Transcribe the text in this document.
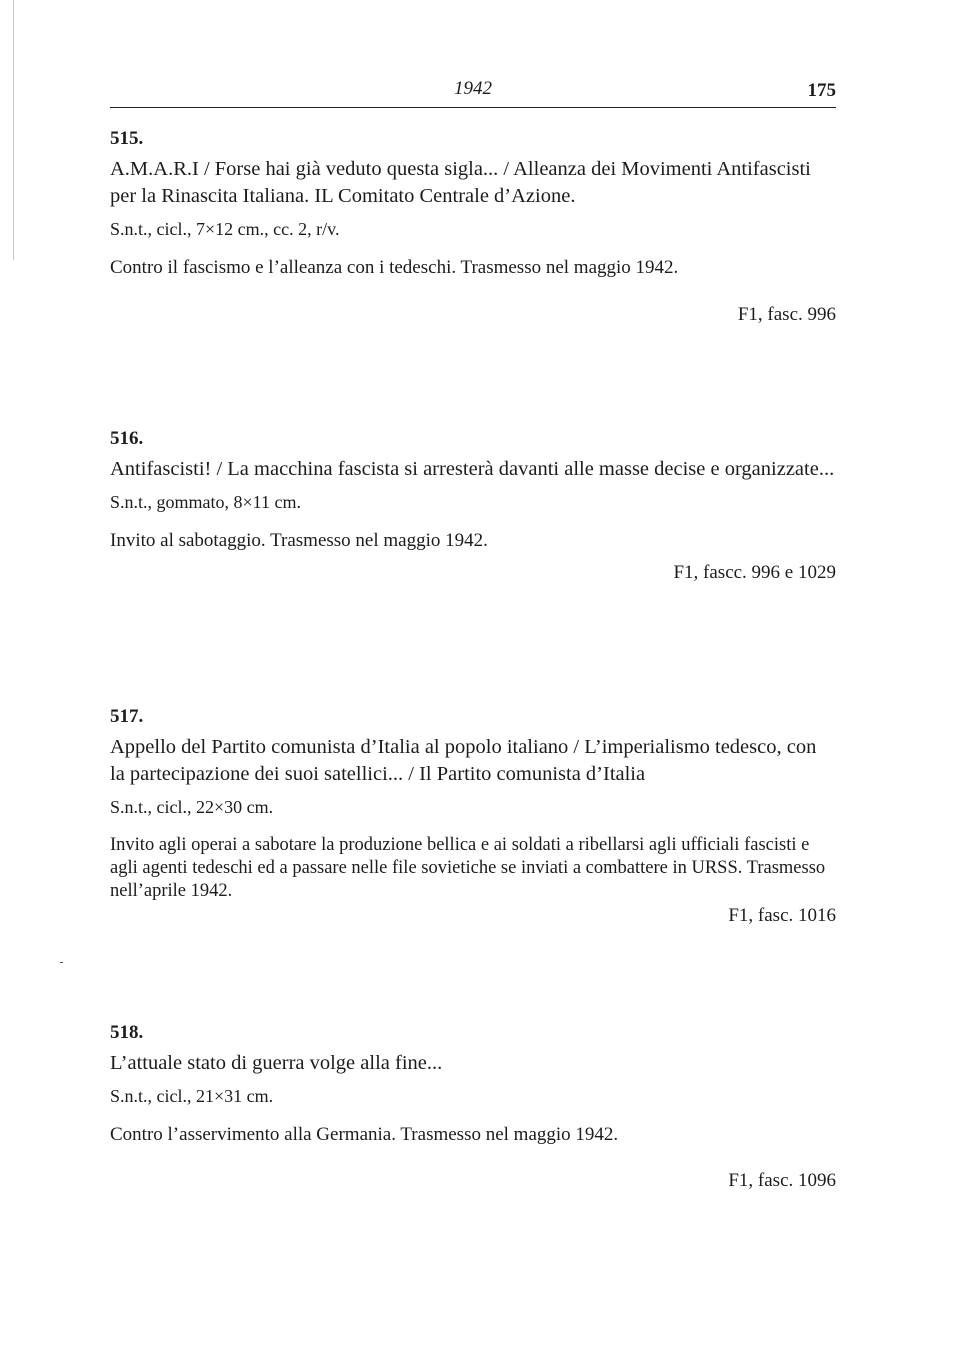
1942	175
515.
A.M.A.R.I / Forse hai già veduto questa sigla... / Alleanza dei Movimenti Antifascisti per la Rinascita Italiana. IL Comitato Centrale d’Azione.
S.n.t., cicl., 7×12 cm., cc. 2, r/v.
Contro il fascismo e l’alleanza con i tedeschi. Trasmesso nel maggio 1942.
F1, fasc. 996
516.
Antifascisti! / La macchina fascista si arresterà davanti alle masse decise e organizzate...
S.n.t., gommato, 8×11 cm.
Invito al sabotaggio. Trasmesso nel maggio 1942.
F1, fascc. 996 e 1029
517.
Appello del Partito comunista d’Italia al popolo italiano / L’imperialismo tedesco, con la partecipazione dei suoi satellici... / Il Partito comunista d’Italia
S.n.t., cicl., 22×30 cm.
Invito agli operai a sabotare la produzione bellica e ai soldati a ribellarsi agli ufficiali fascisti e agli agenti tedeschi ed a passare nelle file sovietiche se inviati a combattere in URSS. Trasmesso nell’aprile 1942.
F1, fasc. 1016
518.
L’attuale stato di guerra volge alla fine...
S.n.t., cicl., 21×31 cm.
Contro l’asservimento alla Germania. Trasmesso nel maggio 1942.
F1, fasc. 1096
